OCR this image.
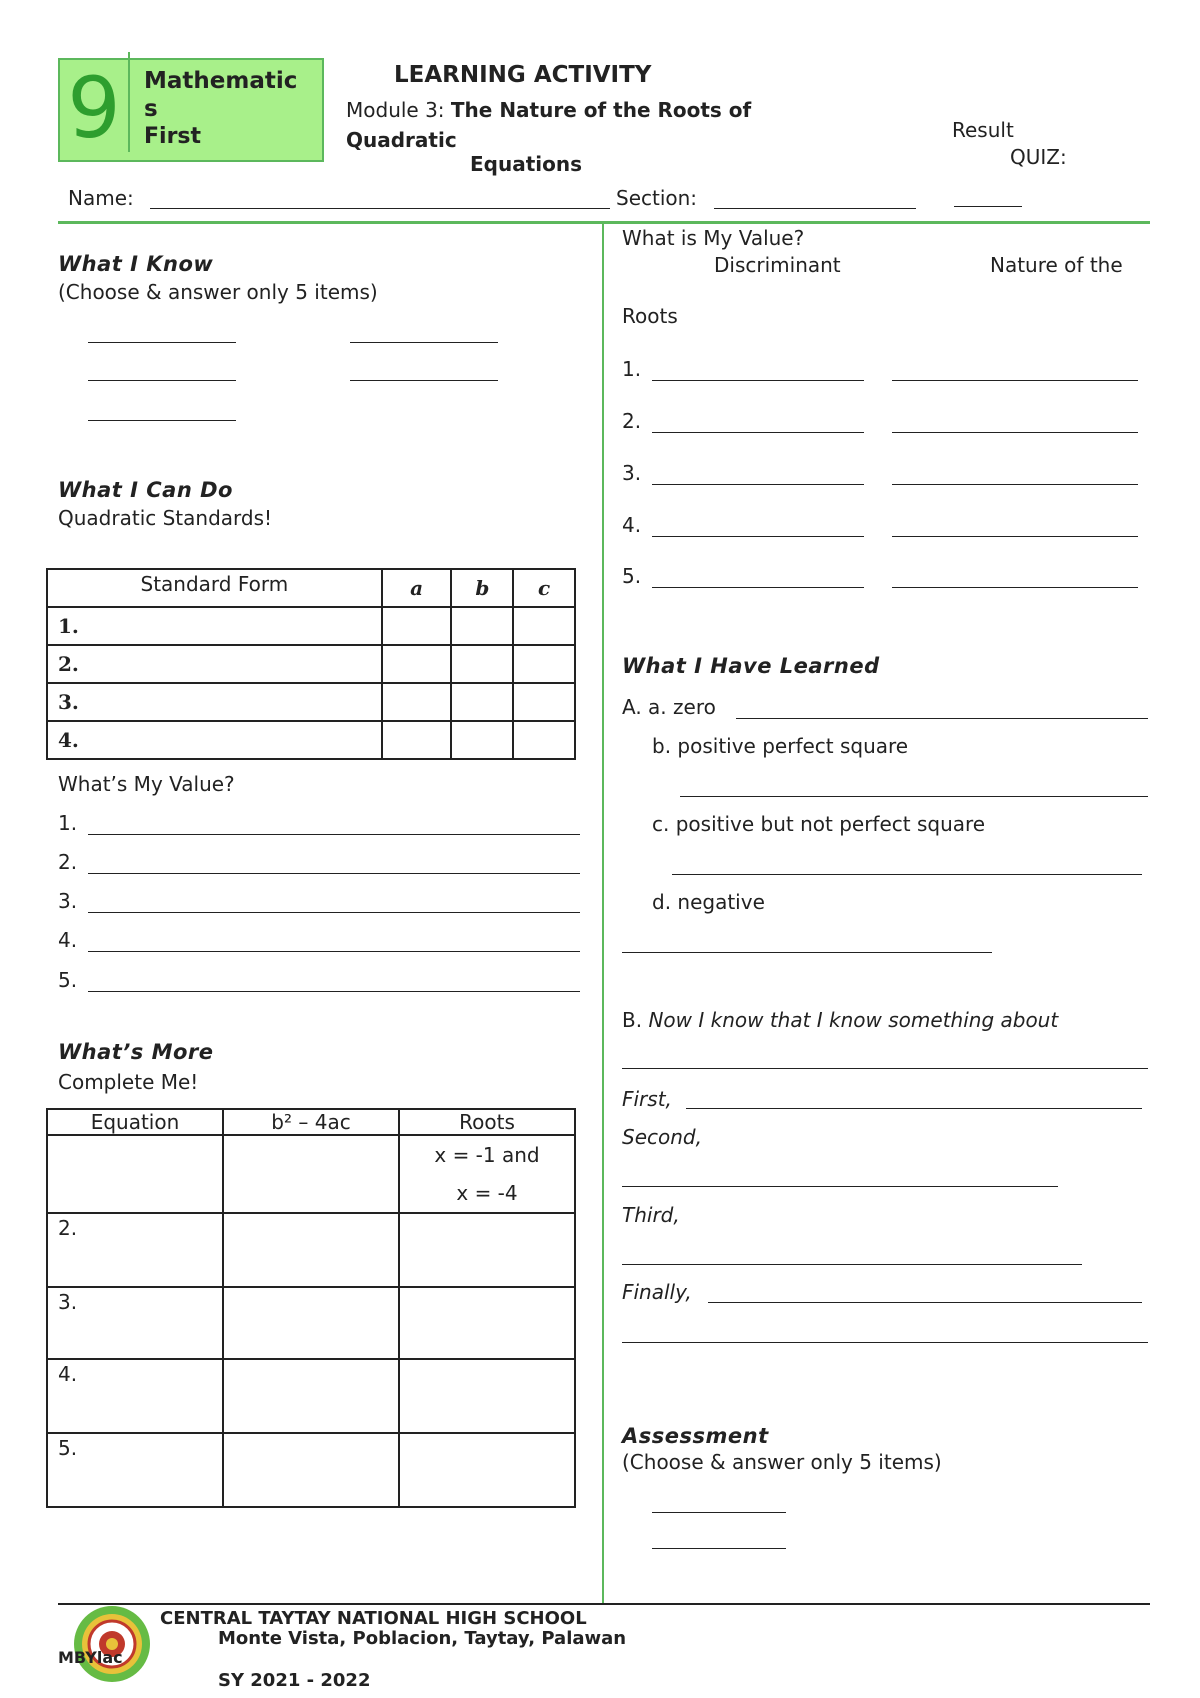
9	Mathematic
s
First
LEARNING ACTIVITY
Module 3: The Nature of the Roots of
Quadratic
Equations
Result
QUIZ:
Name:	Section:
What I Know
(Choose & answer only 5 items)
What I Can Do
Quadratic Standards!
Standard Form	a	b	c
1.			
2.			
3.			
4.			
What’s My Value?
1.
2.
3.
4.
5.
What’s More
Complete Me!
Equation	b² – 4ac	Roots

		x = -1 and
x = -4

2.		
3.		
4.		
5.		
What is My Value?
Discriminant	Nature of the
Roots
1.
2.
3.
4.
5.
What I Have Learned
A. a. zero
b. positive perfect square
c. positive but not perfect square
d. negative
B. Now I know that I know something about
First,
Second,
Third,
Finally,
Assessment
(Choose & answer only 5 items)
MBYlac
CENTRAL TAYTAY NATIONAL HIGH SCHOOL
Monte Vista, Poblacion, Taytay, Palawan
SY 2021 - 2022
